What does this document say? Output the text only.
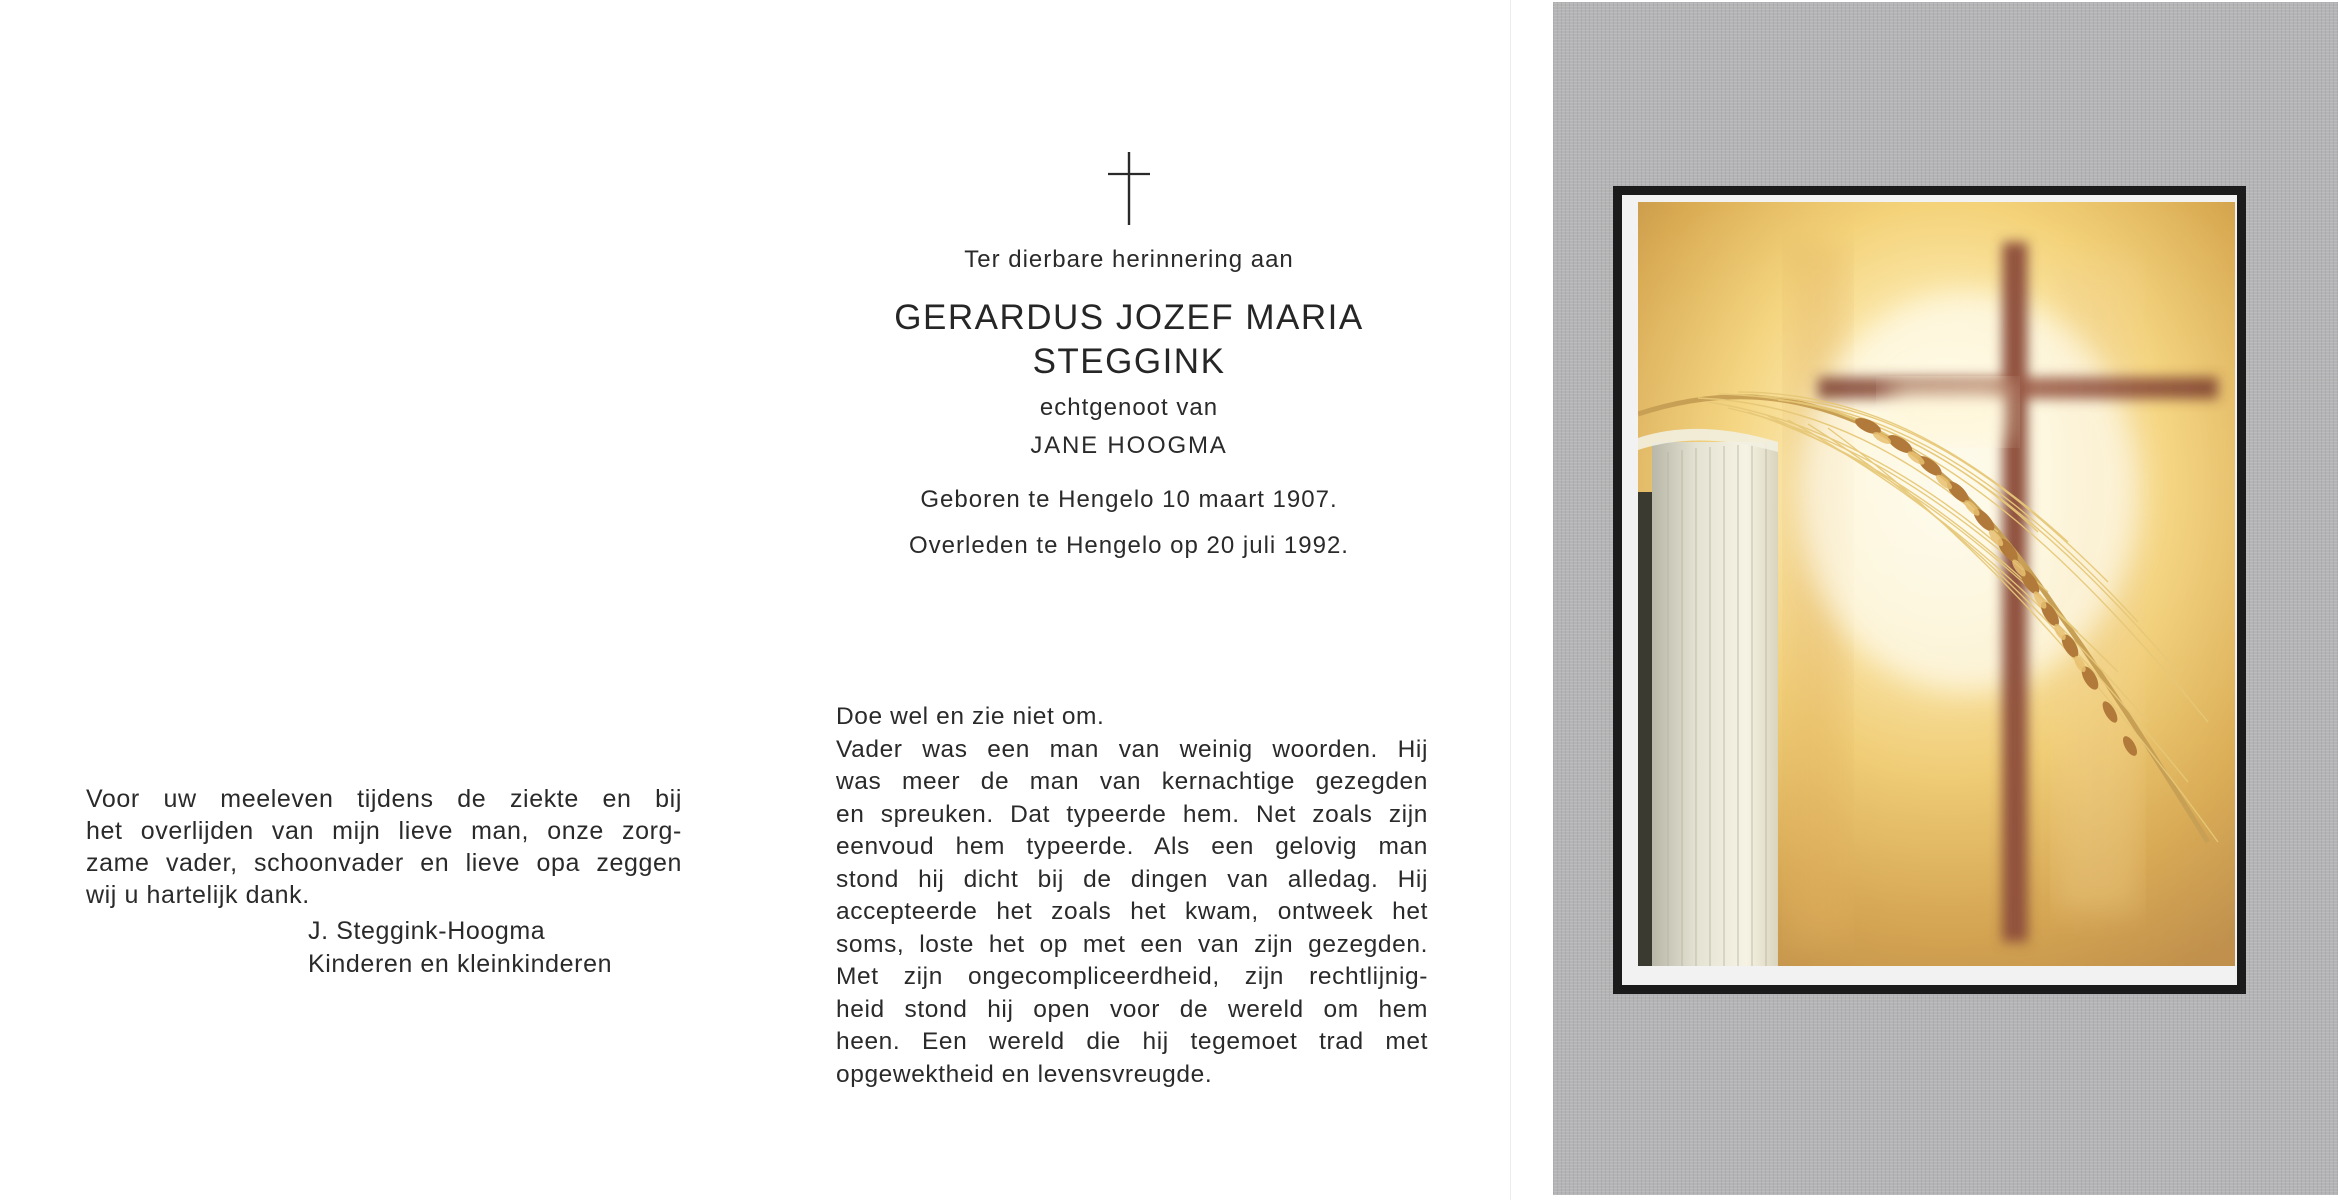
Voor uw meeleven tijdens de ziekte en bij
het overlijden van mijn lieve man, onze zorg-
zame vader, schoonvader en lieve opa zeggen
wij u hartelijk dank.

J. Steggink-Hoogma
Kinderen en kleinkinderen
Ter dierbare herinnering aan
GERARDUS JOZEF MARIA
STEGGINK
echtgenoot van
JANE HOOGMA
Geboren te Hengelo 10 maart 1907.
Overleden te Hengelo op 20 juli 1992.
Doe wel en zie niet om.
Vader was een man van weinig woorden. Hij
was meer de man van kernachtige gezegden
en spreuken. Dat typeerde hem. Net zoals zijn
eenvoud hem typeerde. Als een gelovig man
stond hij dicht bij de dingen van alledag. Hij
accepteerde het zoals het kwam, ontweek het
soms, loste het op met een van zijn gezegden.
Met zijn ongecompliceerdheid, zijn rechtlijnig-
heid stond hij open voor de wereld om hem
heen. Een wereld die hij tegemoet trad met
opgewektheid en levensvreugde.
